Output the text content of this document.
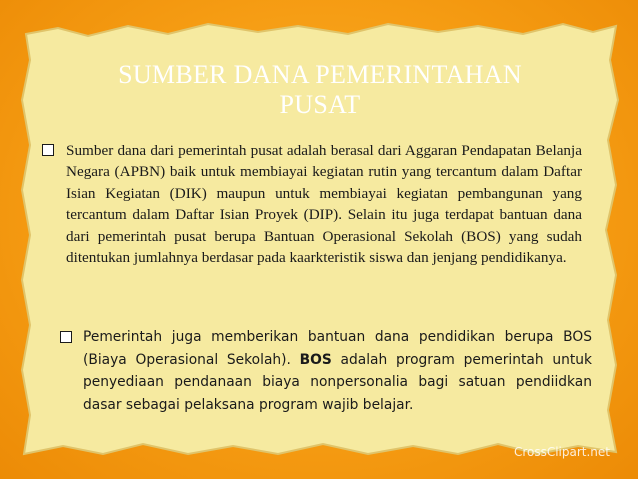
SUMBER DANA PEMERINTAHAN
PUSAT
Sumber dana dari pemerintah pusat adalah berasal dari Aggaran Pendapatan Belanja Negara (APBN) baik untuk membiayai kegiatan rutin yang tercantum dalam Daftar Isian Kegiatan (DIK) maupun untuk membiayai kegiatan pembangunan yang tercantum dalam Daftar Isian Proyek (DIP). Selain itu juga terdapat bantuan dana dari pemerintah pusat berupa Bantuan Operasional Sekolah (BOS) yang sudah ditentukan jumlahnya berdasar pada kaarkteristik siswa dan jenjang pendidikanya.
Pemerintah juga memberikan bantuan dana pendidikan berupa BOS (Biaya Operasional Sekolah). BOS adalah program pemerintah untuk penyediaan pendanaan biaya nonpersonalia bagi satuan pendiidkan dasar sebagai pelaksana program wajib belajar.
CrossClipart.net
